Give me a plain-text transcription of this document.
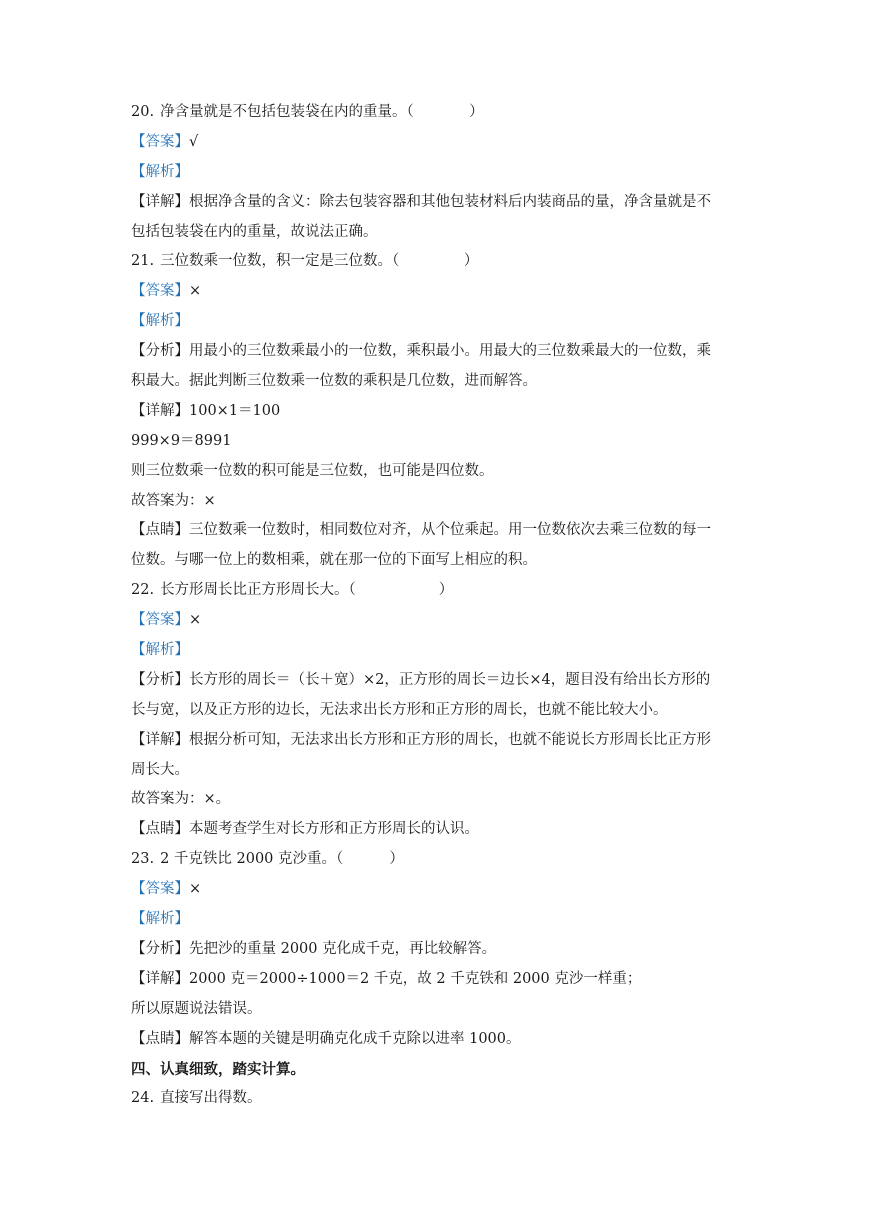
20. 净含量就是不包括包装袋在内的重量。（            ）
【答案】√
【解析】
【详解】根据净含量的含义：除去包装容器和其他包装材料后内装商品的量，净含量就是不
包括包装袋在内的重量，故说法正确。
21. 三位数乘一位数，积一定是三位数。（              ）
【答案】×
【解析】
【分析】用最小的三位数乘最小的一位数，乘积最小。用最大的三位数乘最大的一位数，乘
积最大。据此判断三位数乘一位数的乘积是几位数，进而解答。
【详解】100×1＝100
999×9＝8991
则三位数乘一位数的积可能是三位数，也可能是四位数。
故答案为：×
【点睛】三位数乘一位数时，相同数位对齐，从个位乘起。用一位数依次去乘三位数的每一
位数。与哪一位上的数相乘，就在那一位的下面写上相应的积。
22. 长方形周长比正方形周长大。（                  ）
【答案】×
【解析】
【分析】长方形的周长＝（长＋宽）×2，正方形的周长＝边长×4，题目没有给出长方形的
长与宽，以及正方形的边长，无法求出长方形和正方形的周长，也就不能比较大小。
【详解】根据分析可知，无法求出长方形和正方形的周长，也就不能说长方形周长比正方形
周长大。
故答案为：×。
【点睛】本题考查学生对长方形和正方形周长的认识。
23. 2 千克铁比 2000 克沙重。（          ）
【答案】×
【解析】
【分析】先把沙的重量 2000 克化成千克，再比较解答。
【详解】2000 克＝2000÷1000＝2 千克，故 2 千克铁和 2000 克沙一样重；
所以原题说法错误。
【点睛】解答本题的关键是明确克化成千克除以进率 1000。
四、认真细致，踏实计算。
24. 直接写出得数。
